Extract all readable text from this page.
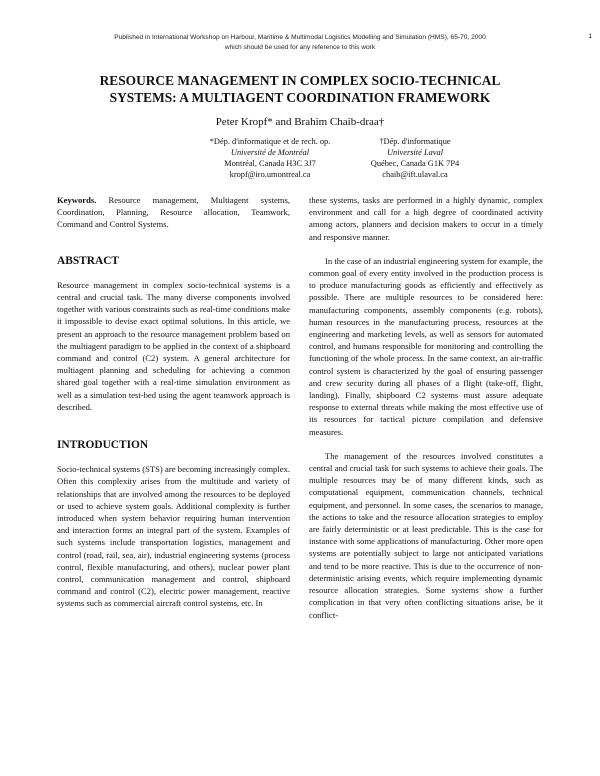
Published in International Workshop on Harbour, Maritime & Multimodal Logistics Modelling and Simulation (HMS), 65-70, 2000
which should be used for any reference to this work
1
RESOURCE MANAGEMENT IN COMPLEX SOCIO-TECHNICAL
SYSTEMS: A MULTIAGENT COORDINATION FRAMEWORK
Peter Kropf* and Brahim Chaib-draa†
*Dép. d'informatique et de rech. op.
Université de Montréal
Montréal, Canada H3C 3J7
kropf@iro.umontreal.ca
†Dép. d'informatique
Université Laval
Québec, Canada G1K 7P4
chaib@ift.ulaval.ca

Keywords. Resource management, Multiagent systems, Coordination, Planning, Resource allocation, Teamwork, Command and Control Systems.

ABSTRACT

Resource management in complex socio-technical systems is a central and crucial task. The many diverse components involved together with various constraints such as real-time conditions make it impossible to devise exact optimal solutions. In this article, we present an approach to the resource management problem based on the multiagent paradigm to be applied in the context of a shipboard command and control (C2) system. A general architecture for multiagent planning and scheduling for achieving a common shared goal together with a real-time simulation environment as well as a simulation test-bed using the agent teamwork approach is described.

INTRODUCTION

Socio-technical systems (STS) are becoming increasingly complex. Often this complexity arises from the multitude and variety of relationships that are involved among the resources to be deployed or used to achieve system goals. Additional complexity is further introduced when system behavior requiring human intervention and interaction forms an integral part of the system. Examples of such systems include transportation logistics, management and control (road, rail, sea, air), industrial engineering systems (process control, flexible manufacturing, and others), nuclear power plant control, communication management and control, shipboard command and control (C2), electric power management, reactive systems such as commercial aircraft control systems, etc. In

these systems, tasks are performed in a highly dynamic, complex environment and call for a high degree of coordinated activity among actors, planners and decision makers to occur in a timely and responsive manner.

In the case of an industrial engineering system for example, the common goal of every entity involved in the production process is to produce manufacturing goods as efficiently and effectively as possible. There are multiple resources to be considered here: manufacturing components, assembly components (e.g. robots), human resources in the manufacturing process, resources at the engineering and marketing levels, as well as sensors for automated control, and humans responsible for monitoring and controlling the functioning of the whole process. In the same context, an air-traffic control system is characterized by the goal of ensuring passenger and crew security during all phases of a flight (take-off, flight, landing). Finally, shipboard C2 systems must assure adequate response to external threats while making the most effective use of its resources for tactical picture compilation and defensive measures.

The management of the resources involved constitutes a central and crucial task for such systems to achieve their goals. The multiple resources may be of many different kinds, such as computational equipment, communication channels, technical equipment, and personnel. In some cases, the scenarios to manage, the actions to take and the resource allocation strategies to employ are fairly deterministic or at least predictable. This is the case for instance with some applications of manufacturing. Other more open systems are potentially subject to large not anticipated variations and tend to be more reactive. This is due to the occurrence of non-deterministic arising events, which require implementing dynamic resource allocation strategies. Some systems show a further complication in that very often conflicting situations arise, be it conflict-
